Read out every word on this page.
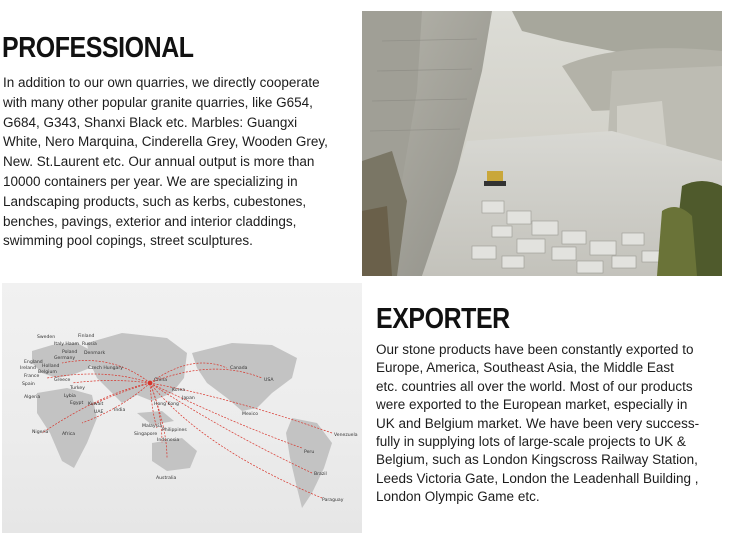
PROFESSIONAL
In addition to our own quarries, we directly cooperate
with many other popular granite quarries, like G654,
G684, G343, Shanxi Black etc. Marbles: Guangxi
White, Nero Marquina, Cinderella Grey, Wooden Grey,
New. St.Laurent etc. Our annual output is more than
10000 containers per year. We are specializing in
Landscaping products, such as kerbs, cubestones,
benches, pavings, exterior and interior claddings,
swimming pool copings, street sculptures.
Sweden
Italy Haam
Finland
Russia
Poland
Germany
Denmark
England
Ireland Holland
France
Belgium
Spain
Czech Hungary
Greece
Turkey
Lybia
Algeria
Egypt
UAE
Kuwait
Nigeria	Africa
China
Korea
Japan
Hong Kong
India
Singapore
Malaysia
Indonesia
Philippines
Australia
Canada
USA
Mexico
Venezuela
Peru
Paraguay
Brazil
EXPORTER
Our stone products have been constantly exported to
Europe, America, Southeast Asia, the Middle East
etc. countries all over the world. Most of our products
were exported to the European market, especially in
UK and Belgium market. We have been very success-
fully in supplying lots of large-scale projects to UK &
Belgium, such as London Kingscross Railway Station,
Leeds Victoria Gate, London the Leadenhall Building ,
London Olympic Game etc.
